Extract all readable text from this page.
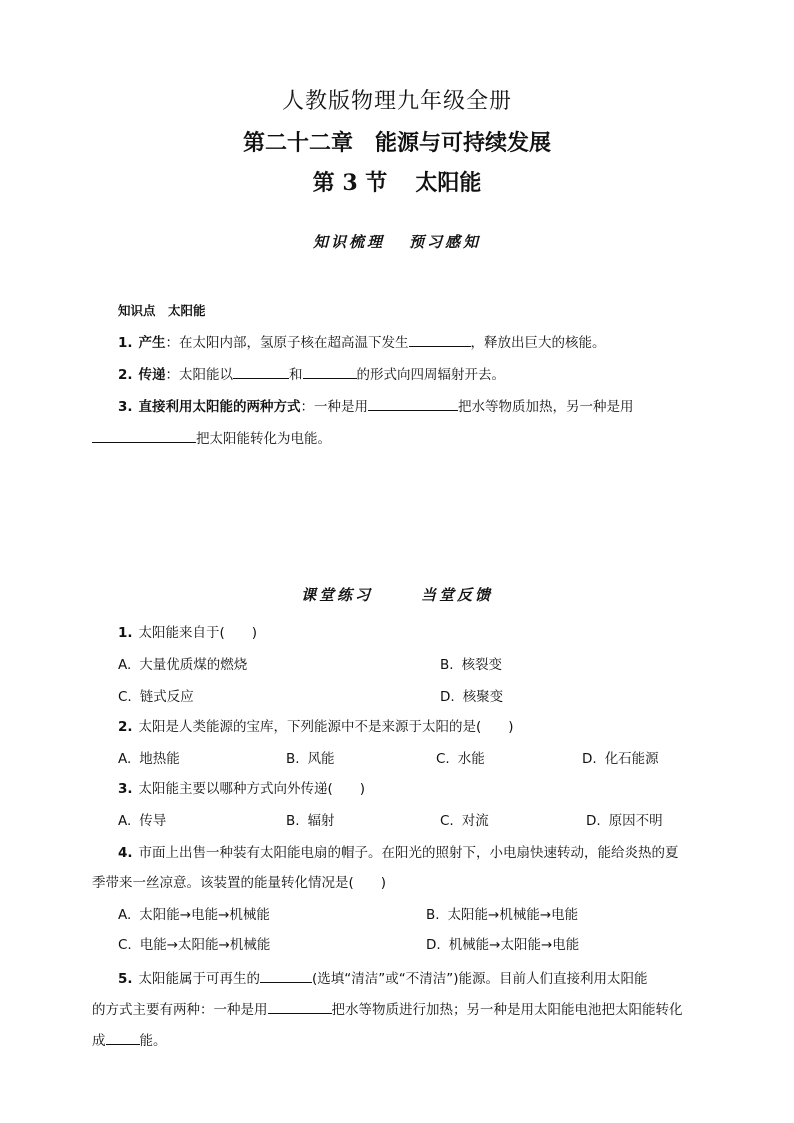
人教版物理九年级全册
第二十二章　能源与可持续发展
第 3 节 太阳能
知识梳理 预习感知
知识点　太阳能
1. 产生：在太阳内部，氢原子核在超高温下发生	，释放出巨大的核能。
2. 传递：太阳能以	和	的形式向四周辐射开去。
3. 直接利用太阳能的两种方式：一种是用	把水等物质加热，另一种是用
把太阳能转化为电能。
课堂练习	当堂反馈
1. 太阳能来自于(　　)
A. 大量优质煤的燃烧	B. 核裂变
C. 链式反应	D. 核聚变
2. 太阳是人类能源的宝库，下列能源中不是来源于太阳的是(　　)
A. 地热能	B. 风能	C. 水能	D. 化石能源
3. 太阳能主要以哪种方式向外传递(　　)
A. 传导	B. 辐射	C. 对流	D. 原因不明
4. 市面上出售一种装有太阳能电扇的帽子。在阳光的照射下，小电扇快速转动，能给炎热的夏
季带来一丝凉意。该装置的能量转化情况是(　　)
A. 太阳能→电能→机械能	B. 太阳能→机械能→电能
C. 电能→太阳能→机械能	D. 机械能→太阳能→电能
5. 太阳能属于可再生的	(选填“清洁”或“不清洁”)能源。目前人们直接利用太阳能
的方式主要有两种：一种是用	把水等物质进行加热；另一种是用太阳能电池把太阳能转化
成	能。
